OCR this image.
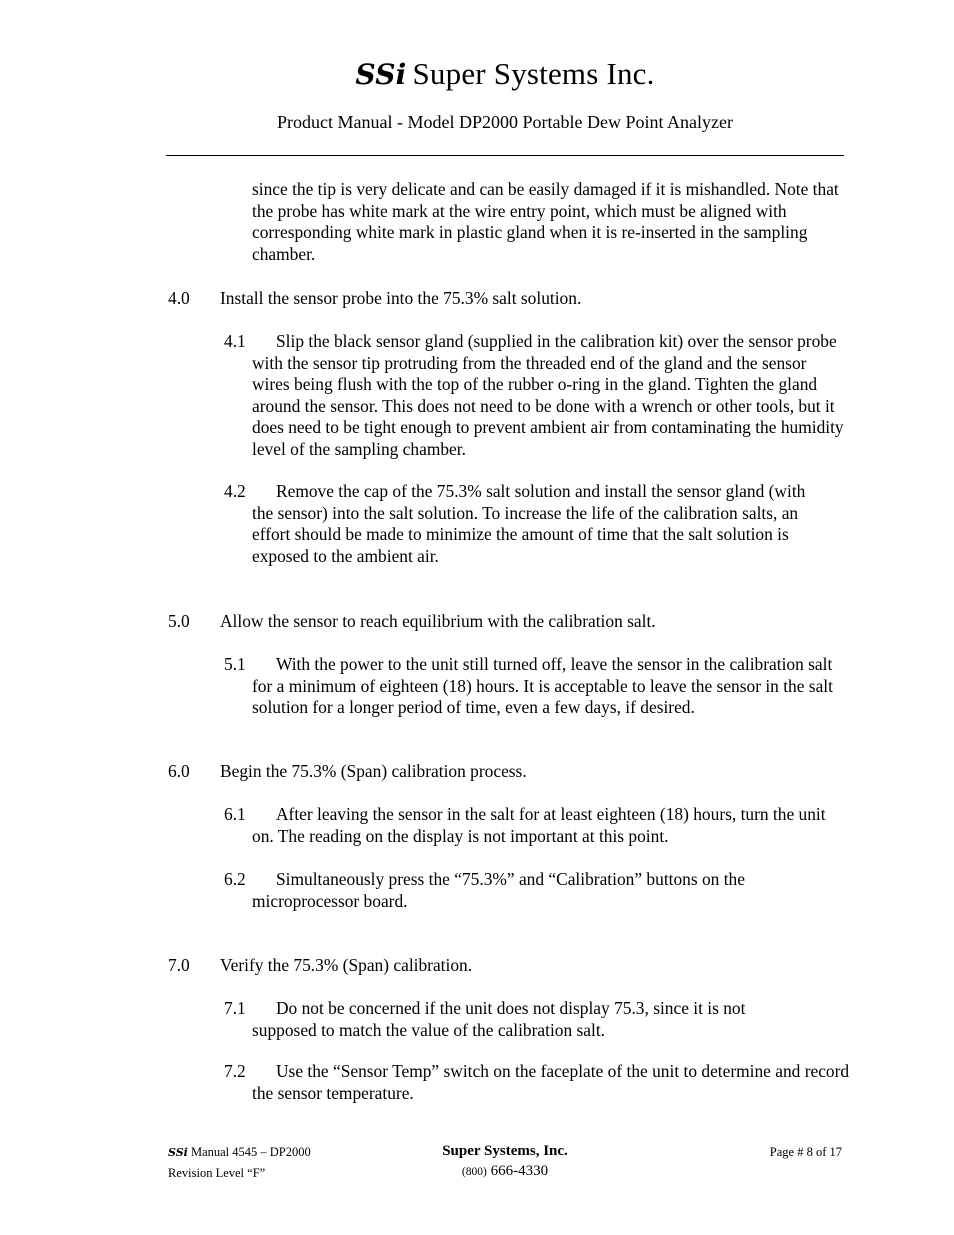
SSi Super Systems Inc.
Product Manual - Model DP2000 Portable Dew Point Analyzer
since the tip is very delicate and can be easily damaged if it is mishandled. Note that the probe has white mark at the wire entry point, which must be aligned with corresponding white mark in plastic gland when it is re-inserted in the sampling chamber.
4.0 Install the sensor probe into the 75.3% salt solution.
4.1	Slip the black sensor gland (supplied in the calibration kit) over the sensor probe with the sensor tip protruding from the threaded end of the gland and the sensor wires being flush with the top of the rubber o-ring in the gland. Tighten the gland around the sensor. This does not need to be done with a wrench or other tools, but it does need to be tight enough to prevent ambient air from contaminating the humidity level of the sampling chamber.
4.2	Remove the cap of the 75.3% salt solution and install the sensor gland (with the sensor) into the salt solution. To increase the life of the calibration salts, an effort should be made to minimize the amount of time that the salt solution is exposed to the ambient air.
5.0 Allow the sensor to reach equilibrium with the calibration salt.
5.1	With the power to the unit still turned off, leave the sensor in the calibration salt for a minimum of eighteen (18) hours. It is acceptable to leave the sensor in the salt solution for a longer period of time, even a few days, if desired.
6.0 Begin the 75.3% (Span) calibration process.
6.1	After leaving the sensor in the salt for at least eighteen (18) hours, turn the unit on. The reading on the display is not important at this point.
6.2	Simultaneously press the “75.3%” and “Calibration” buttons on the microprocessor board.
7.0 Verify the 75.3% (Span) calibration.
7.1	Do not be concerned if the unit does not display 75.3, since it is not supposed to match the value of the calibration salt.
7.2	Use the “Sensor Temp” switch on the faceplate of the unit to determine and record the sensor temperature.
SSi Manual 4545 – DP2000
Revision Level “F”
Super Systems, Inc.
(800) 666-4330
Page # 8 of 17
